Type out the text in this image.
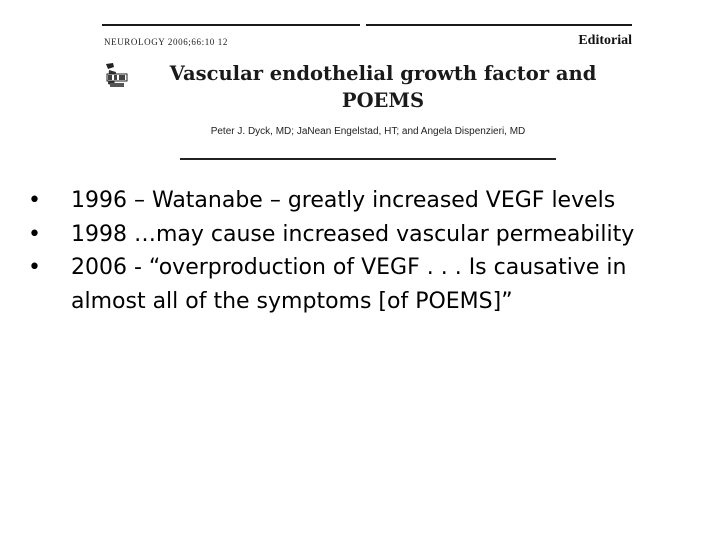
NEUROLOGY 2006;66:10 12	Editorial
Vascular endothelial growth factor and POEMS
Peter J. Dyck, MD; JaNean Engelstad, HT; and Angela Dispenzieri, MD
• 1996 – Watanabe – greatly increased VEGF levels
• 1998 …may cause increased vascular permeability
• 2006 - “overproduction of VEGF . . . Is causative in almost all of the symptoms [of POEMS]”
